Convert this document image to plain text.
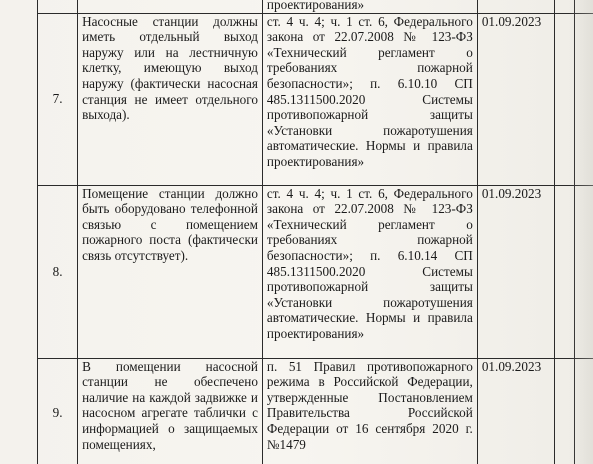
		проектирования»			
7.	Насосные станции должны иметь отдельный выход наружу или на лестничную клетку, имеющую выход наружу (фактически насосная станция не имеет отдельного выхода).	ст. 4 ч. 4; ч. 1 ст. 6, Федерального закона от 22.07.2008 № 123-ФЗ «Технический регламент о требованиях пожарной безопасности»; п. 6.10.10 СП 485.1311500.2020 Системы противопожарной защиты «Установки пожаротушения автоматические. Нормы и правила проектирования»	01.09.2023		
8.	Помещение станции должно быть оборудовано телефонной связью с помещением пожарного поста (фактически связь отсутствует).	ст. 4 ч. 4; ч. 1 ст. 6, Федерального закона от 22.07.2008 № 123-ФЗ «Технический регламент о требованиях пожарной безопасности»; п. 6.10.14 СП 485.1311500.2020 Системы противопожарной защиты «Установки пожаротушения автоматические. Нормы и правила проектирования»	01.09.2023		
9.	В помещении насосной станции не обеспечено наличие на каждой задвижке и насосном агрегате таблички с информацией о защищаемых помещениях,	п. 51 Правил противопожарного режима в Российской Федерации, утвержденные Постановлением Правительства Российской Федерации от 16 сентября 2020 г. №1479	01.09.2023		
